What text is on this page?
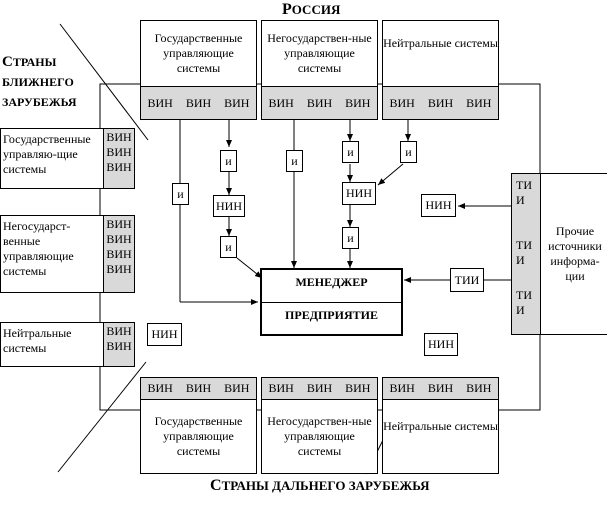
РОССИЯ
СТРАНЫ
БЛИЖНЕГО
ЗАРУБЕЖЬЯ
СТРАНЫ ДАЛЬНЕГО ЗАРУБЕЖЬЯ
Государственные управляющие системы
ВИН ВИН ВИН
Негосударствен-ные управляющие системы
ВИН ВИН ВИН
Нейтральные системы
ВИН ВИН ВИН
ВИН ВИН ВИН
Государственные управляющие системы
ВИН ВИН ВИН
Негосударствен-ные управляющие системы
ВИН ВИН ВИН
Нейтральные системы
Государственные управляю-щие системы
ВИН
ВИН
ВИН
Негосударст-венные управляющие системы
ВИН
ВИН
ВИН
ВИН
Нейтральные системы
ВИН
ВИН
и
и
и
и
и
и
и
НИН
НИН
НИН
НИН
НИН
ТИИ
МЕНЕДЖЕР
ПРЕДПРИЯТИЕ
ТИ И
ТИ И
ТИ И
Прочие источники информа-ции
